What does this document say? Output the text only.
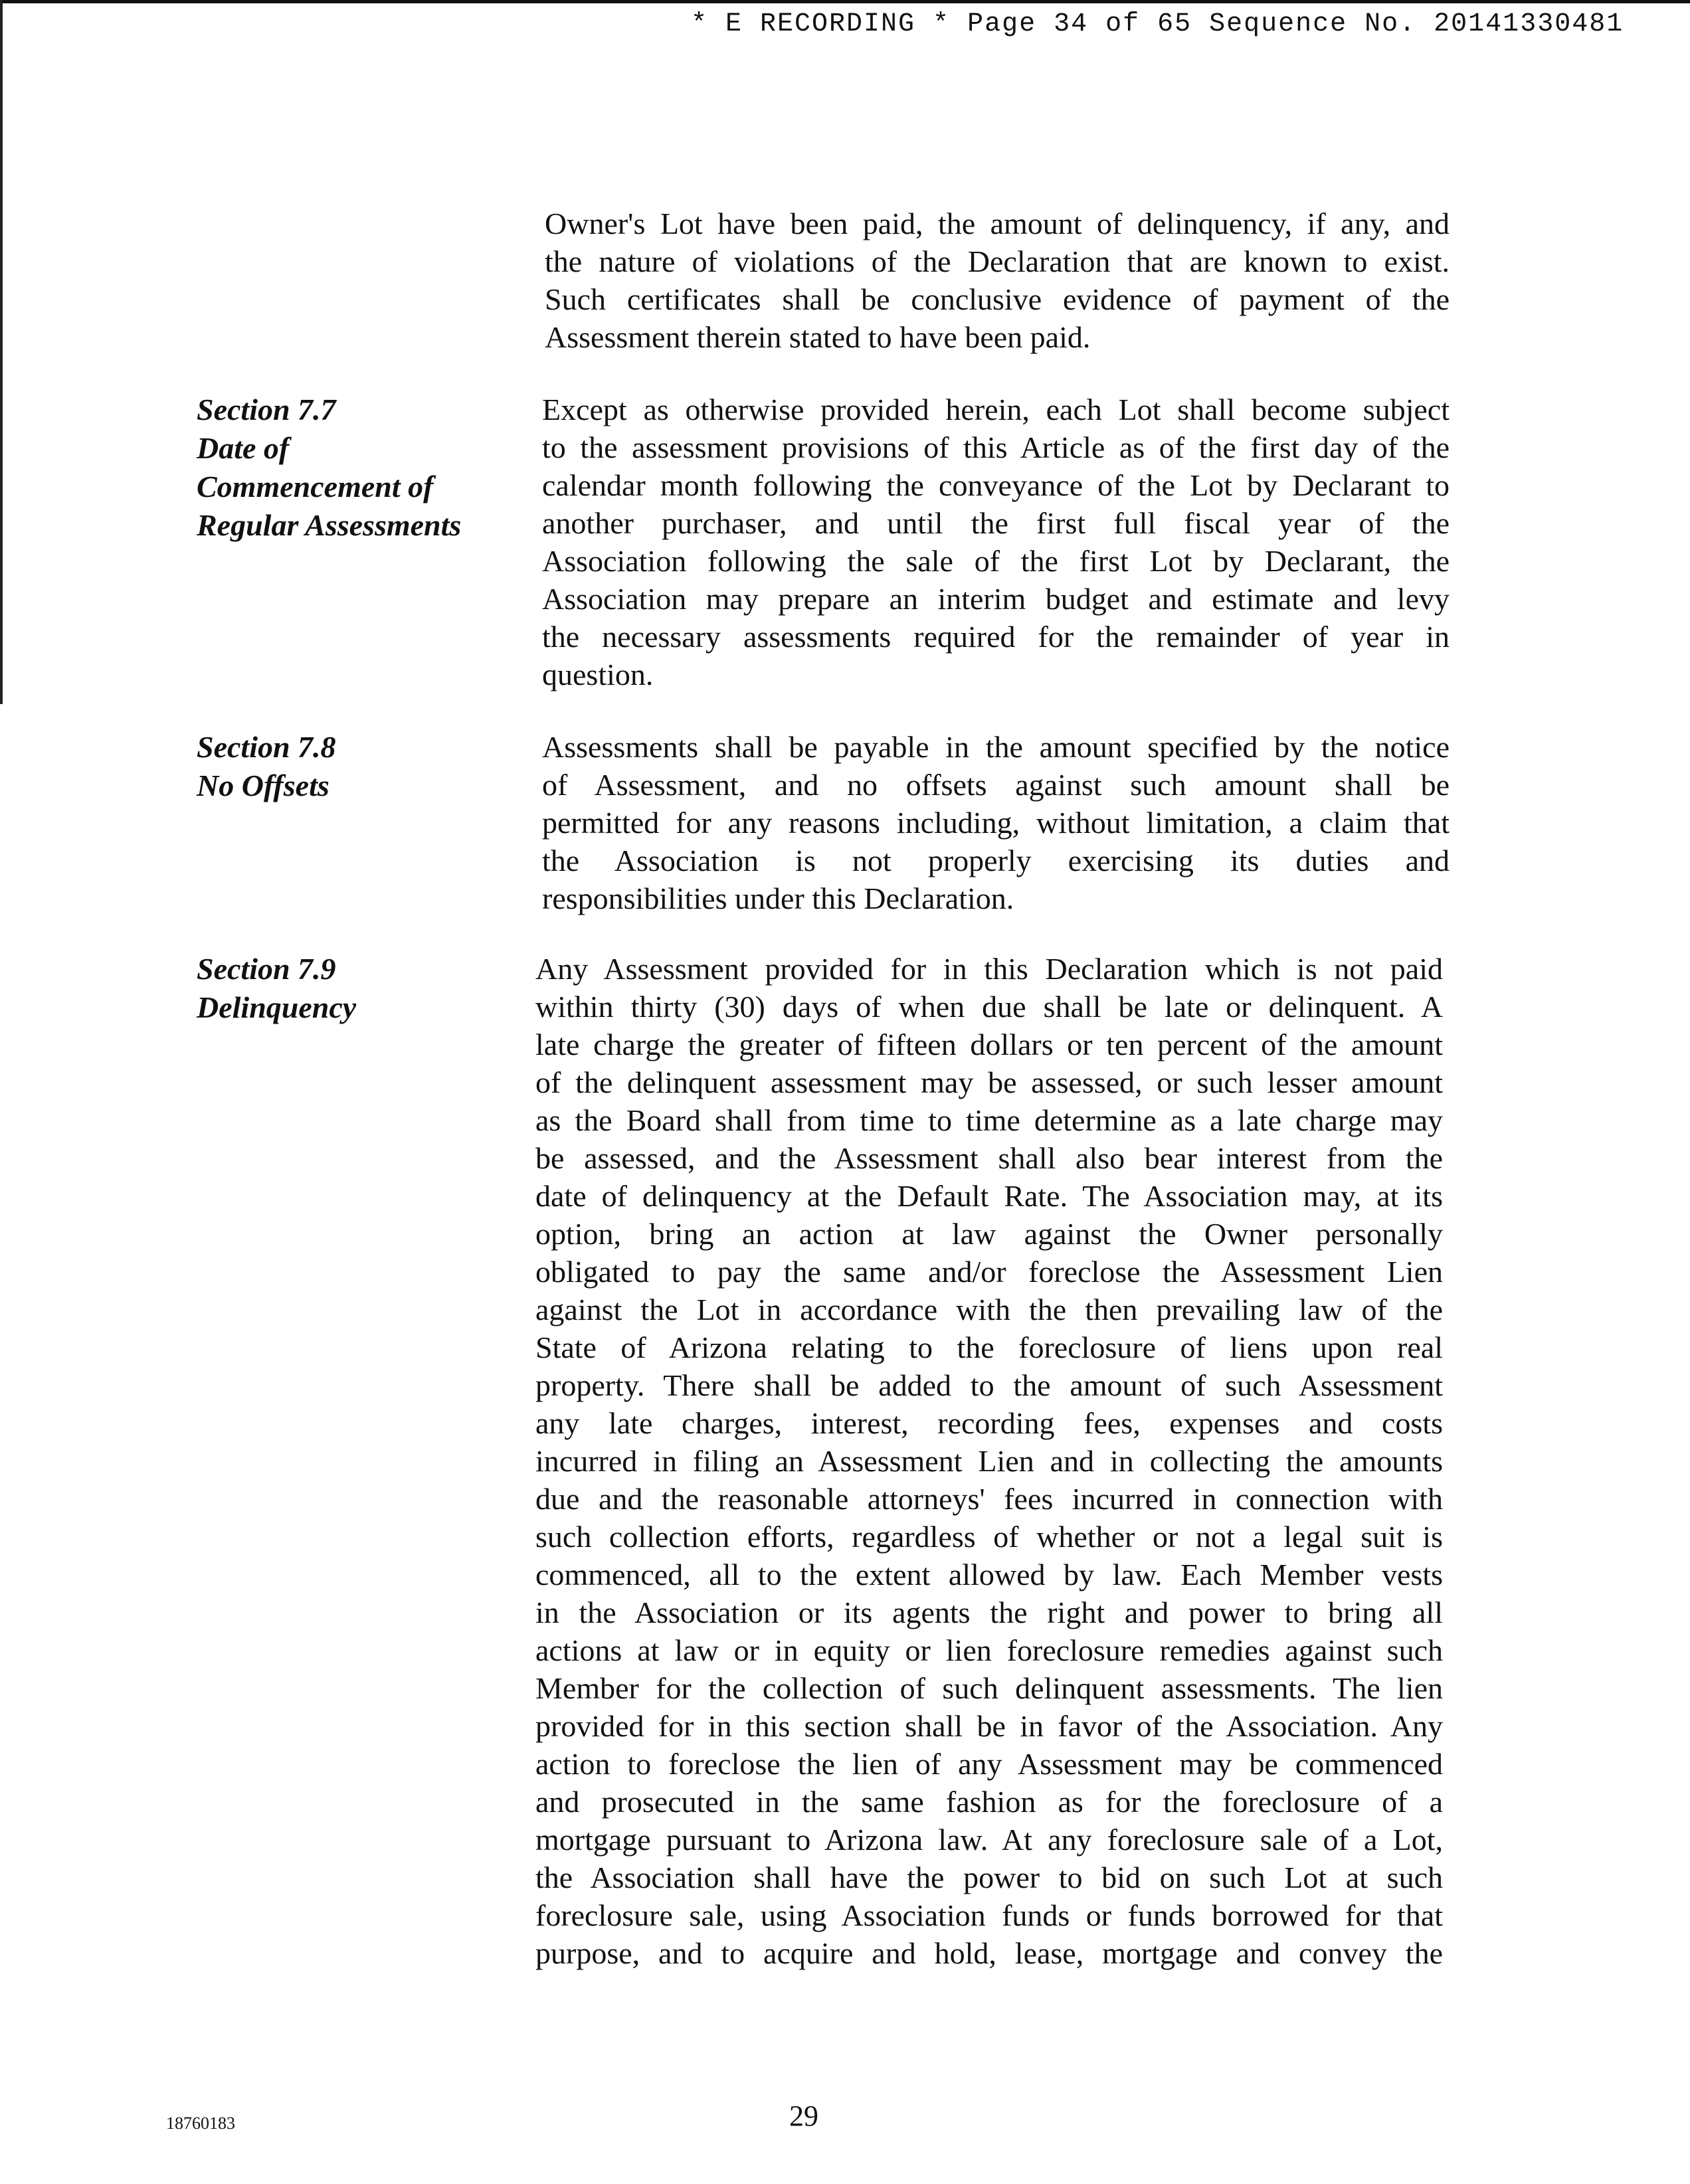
* E RECORDING * Page 34 of 65 Sequence No. 20141330481

Owner's Lot have been paid, the amount of delinquency, if any, and
the nature of violations of the Declaration that are known to exist.
Such certificates shall be conclusive evidence of payment of the
Assessment therein stated to have been paid.

Section 7.7
Date of
Commencement of
Regular Assessments

Except as otherwise provided herein, each Lot shall become subject
to the assessment provisions of this Article as of the first day of the
calendar month following the conveyance of the Lot by Declarant to
another purchaser, and until the first full fiscal year of the
Association following the sale of the first Lot by Declarant, the
Association may prepare an interim budget and estimate and levy
the necessary assessments required for the remainder of year in
question.

Section 7.8
No Offsets

Assessments shall be payable in the amount specified by the notice
of Assessment, and no offsets against such amount shall be
permitted for any reasons including, without limitation, a claim that
the Association is not properly exercising its duties and
responsibilities under this Declaration.

Section 7.9
Delinquency

Any Assessment provided for in this Declaration which is not paid
within thirty (30) days of when due shall be late or delinquent. A
late charge the greater of fifteen dollars or ten percent of the amount
of the delinquent assessment may be assessed, or such lesser amount
as the Board shall from time to time determine as a late charge may
be assessed, and the Assessment shall also bear interest from the
date of delinquency at the Default Rate. The Association may, at its
option, bring an action at law against the Owner personally
obligated to pay the same and/or foreclose the Assessment Lien
against the Lot in accordance with the then prevailing law of the
State of Arizona relating to the foreclosure of liens upon real
property. There shall be added to the amount of such Assessment
any late charges, interest, recording fees, expenses and costs
incurred in filing an Assessment Lien and in collecting the amounts
due and the reasonable attorneys' fees incurred in connection with
such collection efforts, regardless of whether or not a legal suit is
commenced, all to the extent allowed by law. Each Member vests
in the Association or its agents the right and power to bring all
actions at law or in equity or lien foreclosure remedies against such
Member for the collection of such delinquent assessments. The lien
provided for in this section shall be in favor of the Association. Any
action to foreclose the lien of any Assessment may be commenced
and prosecuted in the same fashion as for the foreclosure of a
mortgage pursuant to Arizona law. At any foreclosure sale of a Lot,
the Association shall have the power to bid on such Lot at such
foreclosure sale, using Association funds or funds borrowed for that
purpose, and to acquire and hold, lease, mortgage and convey the

18760183	29
